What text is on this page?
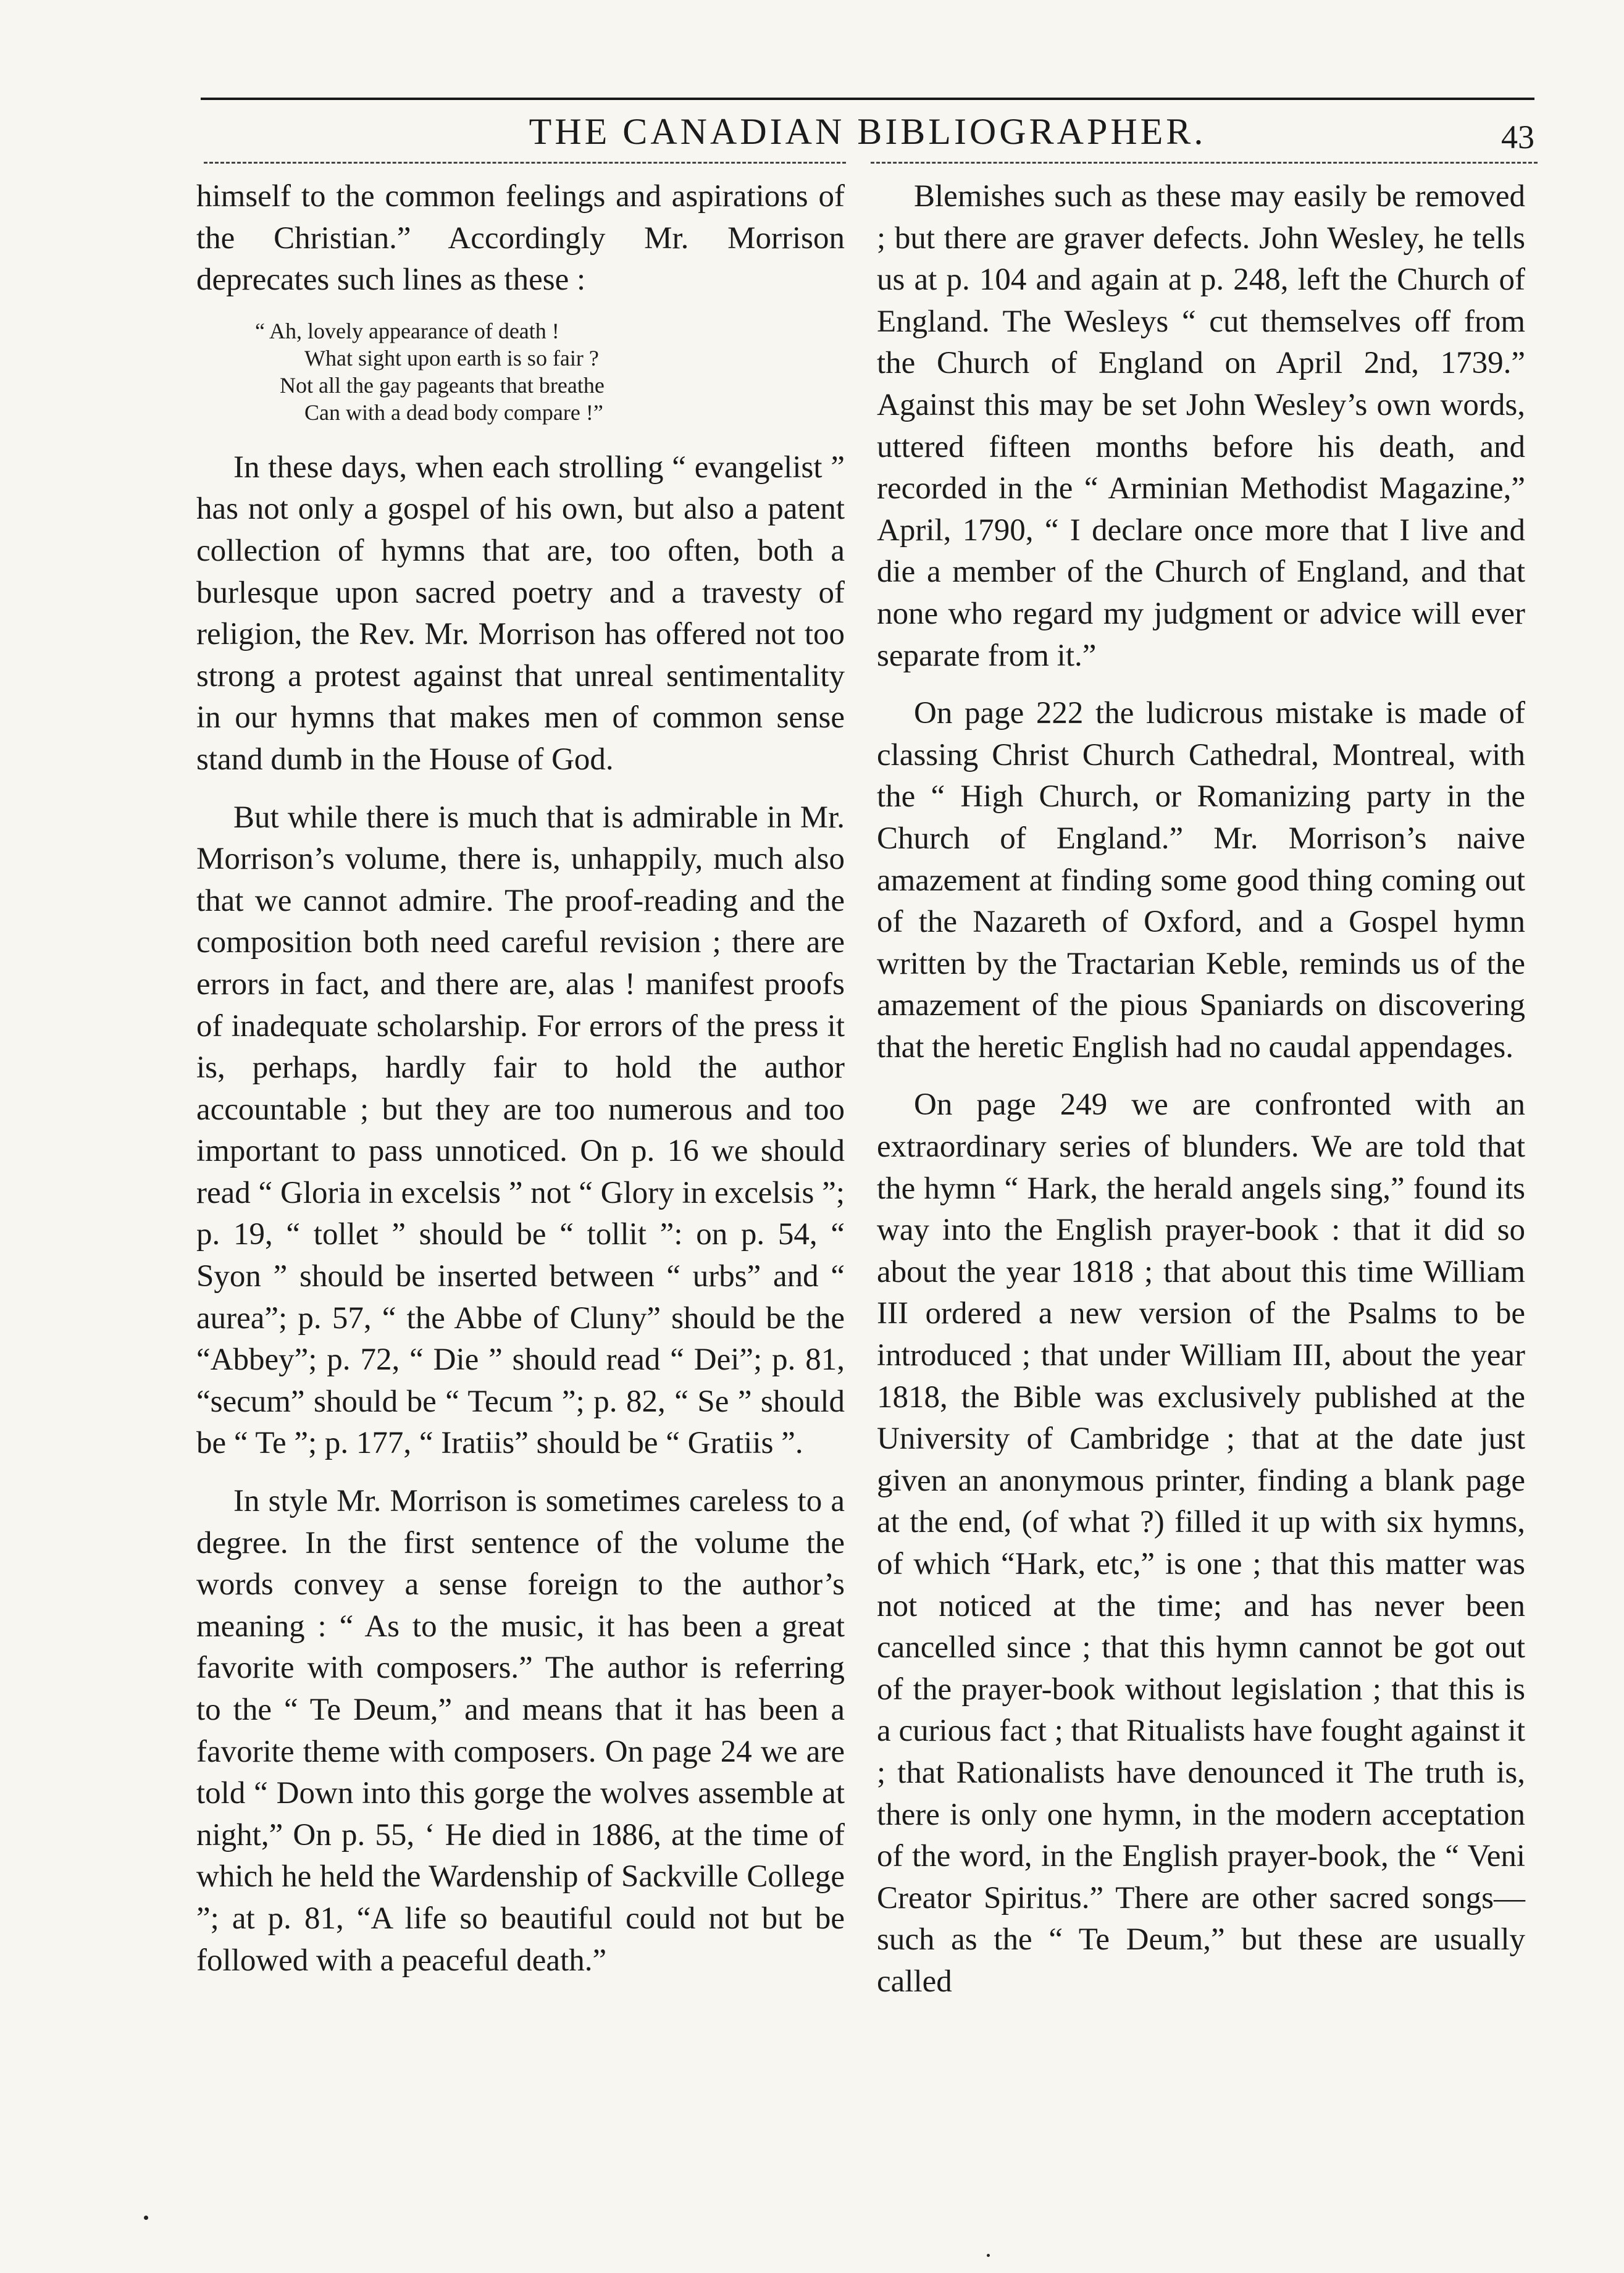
THE CANADIAN BIBLIOGRAPHER.	43

himself to the common feelings and aspirations of the Christian.” Accordingly Mr. Morrison deprecates such lines as these :

“ Ah, lovely appearance of death !
What sight upon earth is so fair ?
Not all the gay pageants that breathe
Can with a dead body compare !”

In these days, when each strolling “ evangelist ” has not only a gospel of his own, but also a patent collection of hymns that are, too often, both a burlesque upon sacred poetry and a travesty of religion, the Rev. Mr. Morrison has offered not too strong a protest against that unreal sentimentality in our hymns that makes men of common sense stand dumb in the House of God.

But while there is much that is admirable in Mr. Morrison’s volume, there is, unhappily, much also that we cannot admire. The proof-reading and the composition both need careful revision ; there are errors in fact, and there are, alas ! manifest proofs of inadequate scholarship. For errors of the press it is, perhaps, hardly fair to hold the author accountable ; but they are too numerous and too important to pass unnoticed. On p. 16 we should read “ Gloria in excelsis ” not “ Glory in excelsis ”; p. 19, “ tollet ” should be “ tollit ”: on p. 54, “ Syon ” should be inserted between “ urbs” and “ aurea”; p. 57, “ the Abbe of Cluny” should be the “Abbey”; p. 72, “ Die ” should read “ Dei”; p. 81, “secum” should be “ Tecum ”; p. 82, “ Se ” should be “ Te ”; p. 177, “ Iratiis” should be “ Gratiis ”.

In style Mr. Morrison is sometimes careless to a degree. In the first sentence of the volume the words convey a sense foreign to the author’s meaning : “ As to the music, it has been a great favorite with composers.” The author is referring to the “ Te Deum,” and means that it has been a favorite theme with composers. On page 24 we are told “ Down into this gorge the wolves assemble at night,” On p. 55, ‘ He died in 1886, at the time of which he held the Wardenship of Sackville College ”; at p. 81, “A life so beautiful could not but be followed with a peaceful death.”

Blemishes such as these may easily be removed ; but there are graver defects. John Wesley, he tells us at p. 104 and again at p. 248, left the Church of England. The Wesleys “ cut themselves off from the Church of England on April 2nd, 1739.” Against this may be set John Wesley’s own words, uttered fifteen months before his death, and recorded in the “ Arminian Methodist Magazine,” April, 1790, “ I declare once more that I live and die a member of the Church of England, and that none who regard my judgment or advice will ever separate from it.”

On page 222 the ludicrous mistake is made of classing Christ Church Cathedral, Montreal, with the “ High Church, or Romanizing party in the Church of England.” Mr. Morrison’s naive amazement at finding some good thing coming out of the Nazareth of Oxford, and a Gospel hymn written by the Tractarian Keble, reminds us of the amazement of the pious Spaniards on discovering that the heretic English had no caudal appendages.

On page 249 we are confronted with an extraordinary series of blunders. We are told that the hymn “ Hark, the herald angels sing,” found its way into the English prayer-book : that it did so about the year 1818 ; that about this time William III ordered a new version of the Psalms to be introduced ; that under William III, about the year 1818, the Bible was exclusively published at the University of Cambridge ; that at the date just given an anonymous printer, finding a blank page at the end, (of what ?) filled it up with six hymns, of which “Hark, etc,” is one ; that this matter was not noticed at the time; and has never been cancelled since ; that this hymn cannot be got out of the prayer-book without legislation ; that this is a curious fact ; that Ritualists have fought against it ; that Rationalists have denounced it The truth is, there is only one hymn, in the modern acceptation of the word, in the English prayer-book, the “ Veni Creator Spiritus.” There are other sacred songs—such as the “ Te Deum,” but these are usually called
